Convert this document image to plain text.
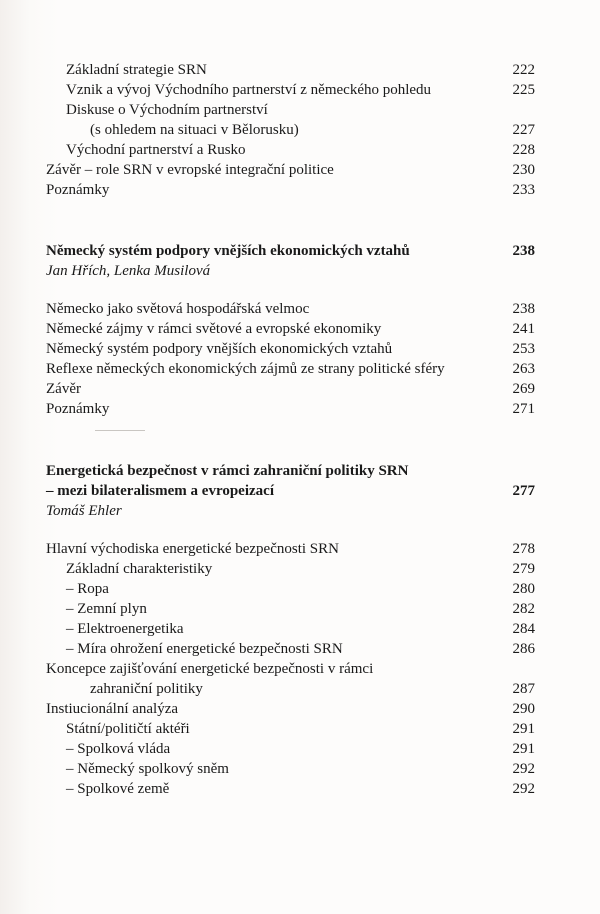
Základní strategie SRN	222
Vznik a vývoj Východního partnerství z německého pohledu	225
Diskuse o Východním partnerství
(s ohledem na situaci v Bělorusku)	227
Východní partnerství a Rusko	228
Závěr – role SRN v evropské integrační politice	230
Poznámky	233
Německý systém podpory vnějších ekonomických vztahů	238
Jan Hřích, Lenka Musilová
Německo jako světová hospodářská velmoc	238
Německé zájmy v rámci světové a evropské ekonomiky	241
Německý systém podpory vnějších ekonomických vztahů	253
Reflexe německých ekonomických zájmů ze strany politické sféry	263
Závěr	269
Poznámky	271
Energetická bezpečnost v rámci zahraniční politiky SRN
– mezi bilateralismem a evropeizací	277
Tomáš Ehler
Hlavní východiska energetické bezpečnosti SRN	278
Základní charakteristiky	279
– Ropa	280
– Zemní plyn	282
– Elektroenergetika	284
– Míra ohrožení energetické bezpečnosti SRN	286
Koncepce zajišťování energetické bezpečnosti v rámci
zahraniční politiky	287
Instiucionální analýza	290
Státní/političtí aktéři	291
– Spolková vláda	291
– Německý spolkový sněm	292
– Spolkové země	292
